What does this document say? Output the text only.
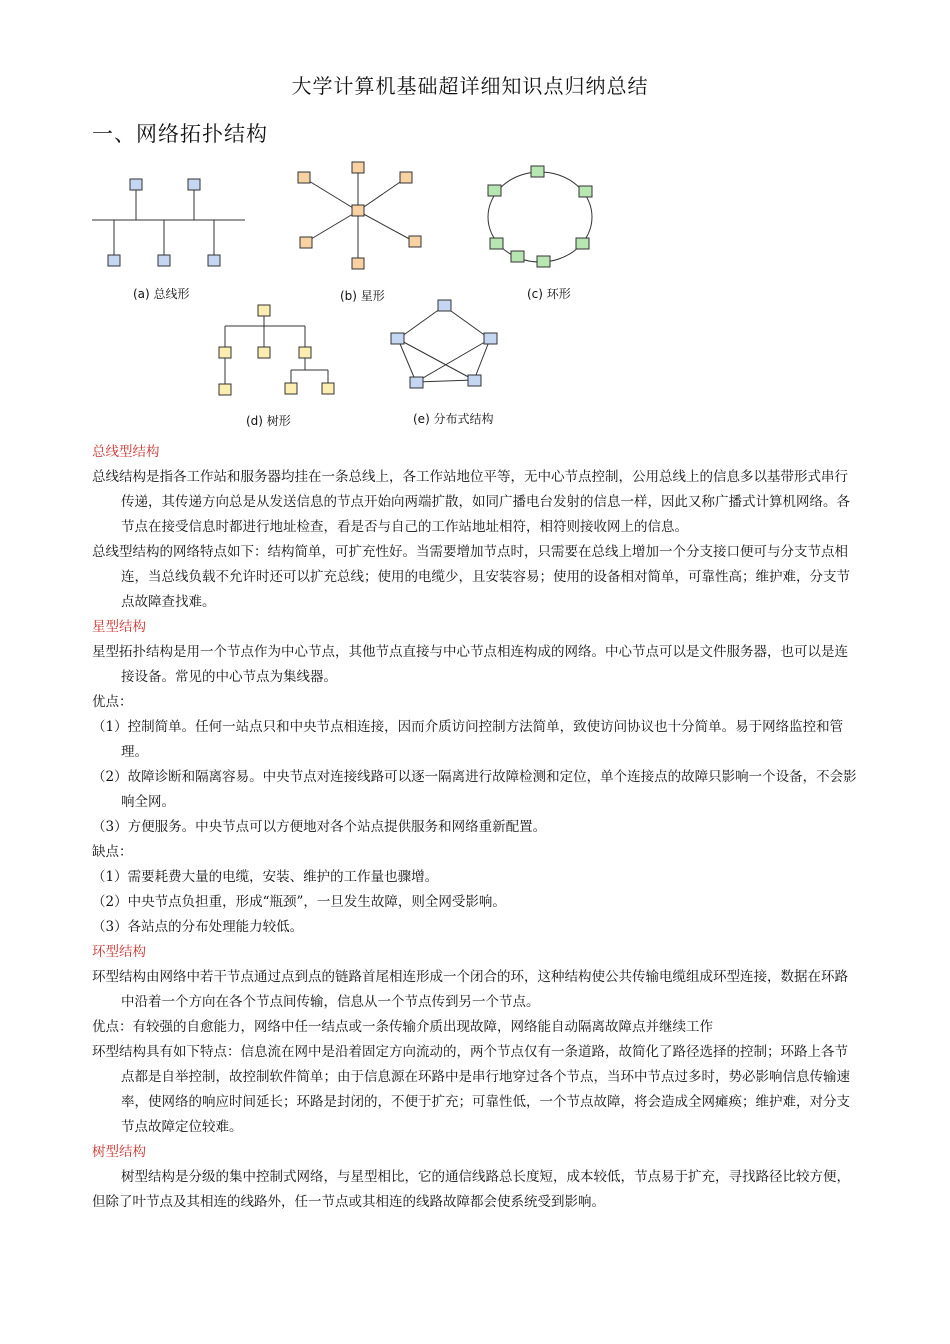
大学计算机基础超详细知识点归纳总结
一、网络拓扑结构
(a) 总线形	(b) 星形	(c) 环形
(d) 树形	(e) 分布式结构

总线型结构

总线结构是指各工作站和服务器均挂在一条总线上，各工作站地位平等，无中心节点控制，公用总线上的信息多以基带形式串行传递，其传递方向总是从发送信息的节点开始向两端扩散，如同广播电台发射的信息一样，因此又称广播式计算机网络。各节点在接受信息时都进行地址检查，看是否与自己的工作站地址相符，相符则接收网上的信息。

总线型结构的网络特点如下：结构简单，可扩充性好。当需要增加节点时，只需要在总线上增加一个分支接口便可与分支节点相连，当总线负载不允许时还可以扩充总线；使用的电缆少，且安装容易；使用的设备相对简单，可靠性高；维护难，分支节点故障查找难。

星型结构

星型拓扑结构是用一个节点作为中心节点，其他节点直接与中心节点相连构成的网络。中心节点可以是文件服务器，也可以是连接设备。常见的中心节点为集线器。

优点：

（1）控制简单。任何一站点只和中央节点相连接，因而介质访问控制方法简单，致使访问协议也十分简单。易于网络监控和管理。

（2）故障诊断和隔离容易。中央节点对连接线路可以逐一隔离进行故障检测和定位，单个连接点的故障只影响一个设备，不会影响全网。

（3）方便服务。中央节点可以方便地对各个站点提供服务和网络重新配置。

缺点：

（1）需要耗费大量的电缆，安装、维护的工作量也骤增。

（2）中央节点负担重，形成“瓶颈”，一旦发生故障，则全网受影响。

（3）各站点的分布处理能力较低。

环型结构

环型结构由网络中若干节点通过点到点的链路首尾相连形成一个闭合的环，这种结构使公共传输电缆组成环型连接，数据在环路中沿着一个方向在各个节点间传输，信息从一个节点传到另一个节点。

优点：有较强的自愈能力，网络中任一结点或一条传输介质出现故障，网络能自动隔离故障点并继续工作

环型结构具有如下特点：信息流在网中是沿着固定方向流动的，两个节点仅有一条道路，故简化了路径选择的控制；环路上各节点都是自举控制，故控制软件简单；由于信息源在环路中是串行地穿过各个节点，当环中节点过多时，势必影响信息传输速率，使网络的响应时间延长；环路是封闭的，不便于扩充；可靠性低，一个节点故障，将会造成全网瘫痪；维护难，对分支节点故障定位较难。

树型结构

树型结构是分级的集中控制式网络，与星型相比，它的通信线路总长度短，成本较低，节点易于扩充，寻找路径比较方便，但除了叶节点及其相连的线路外，任一节点或其相连的线路故障都会使系统受到影响。
